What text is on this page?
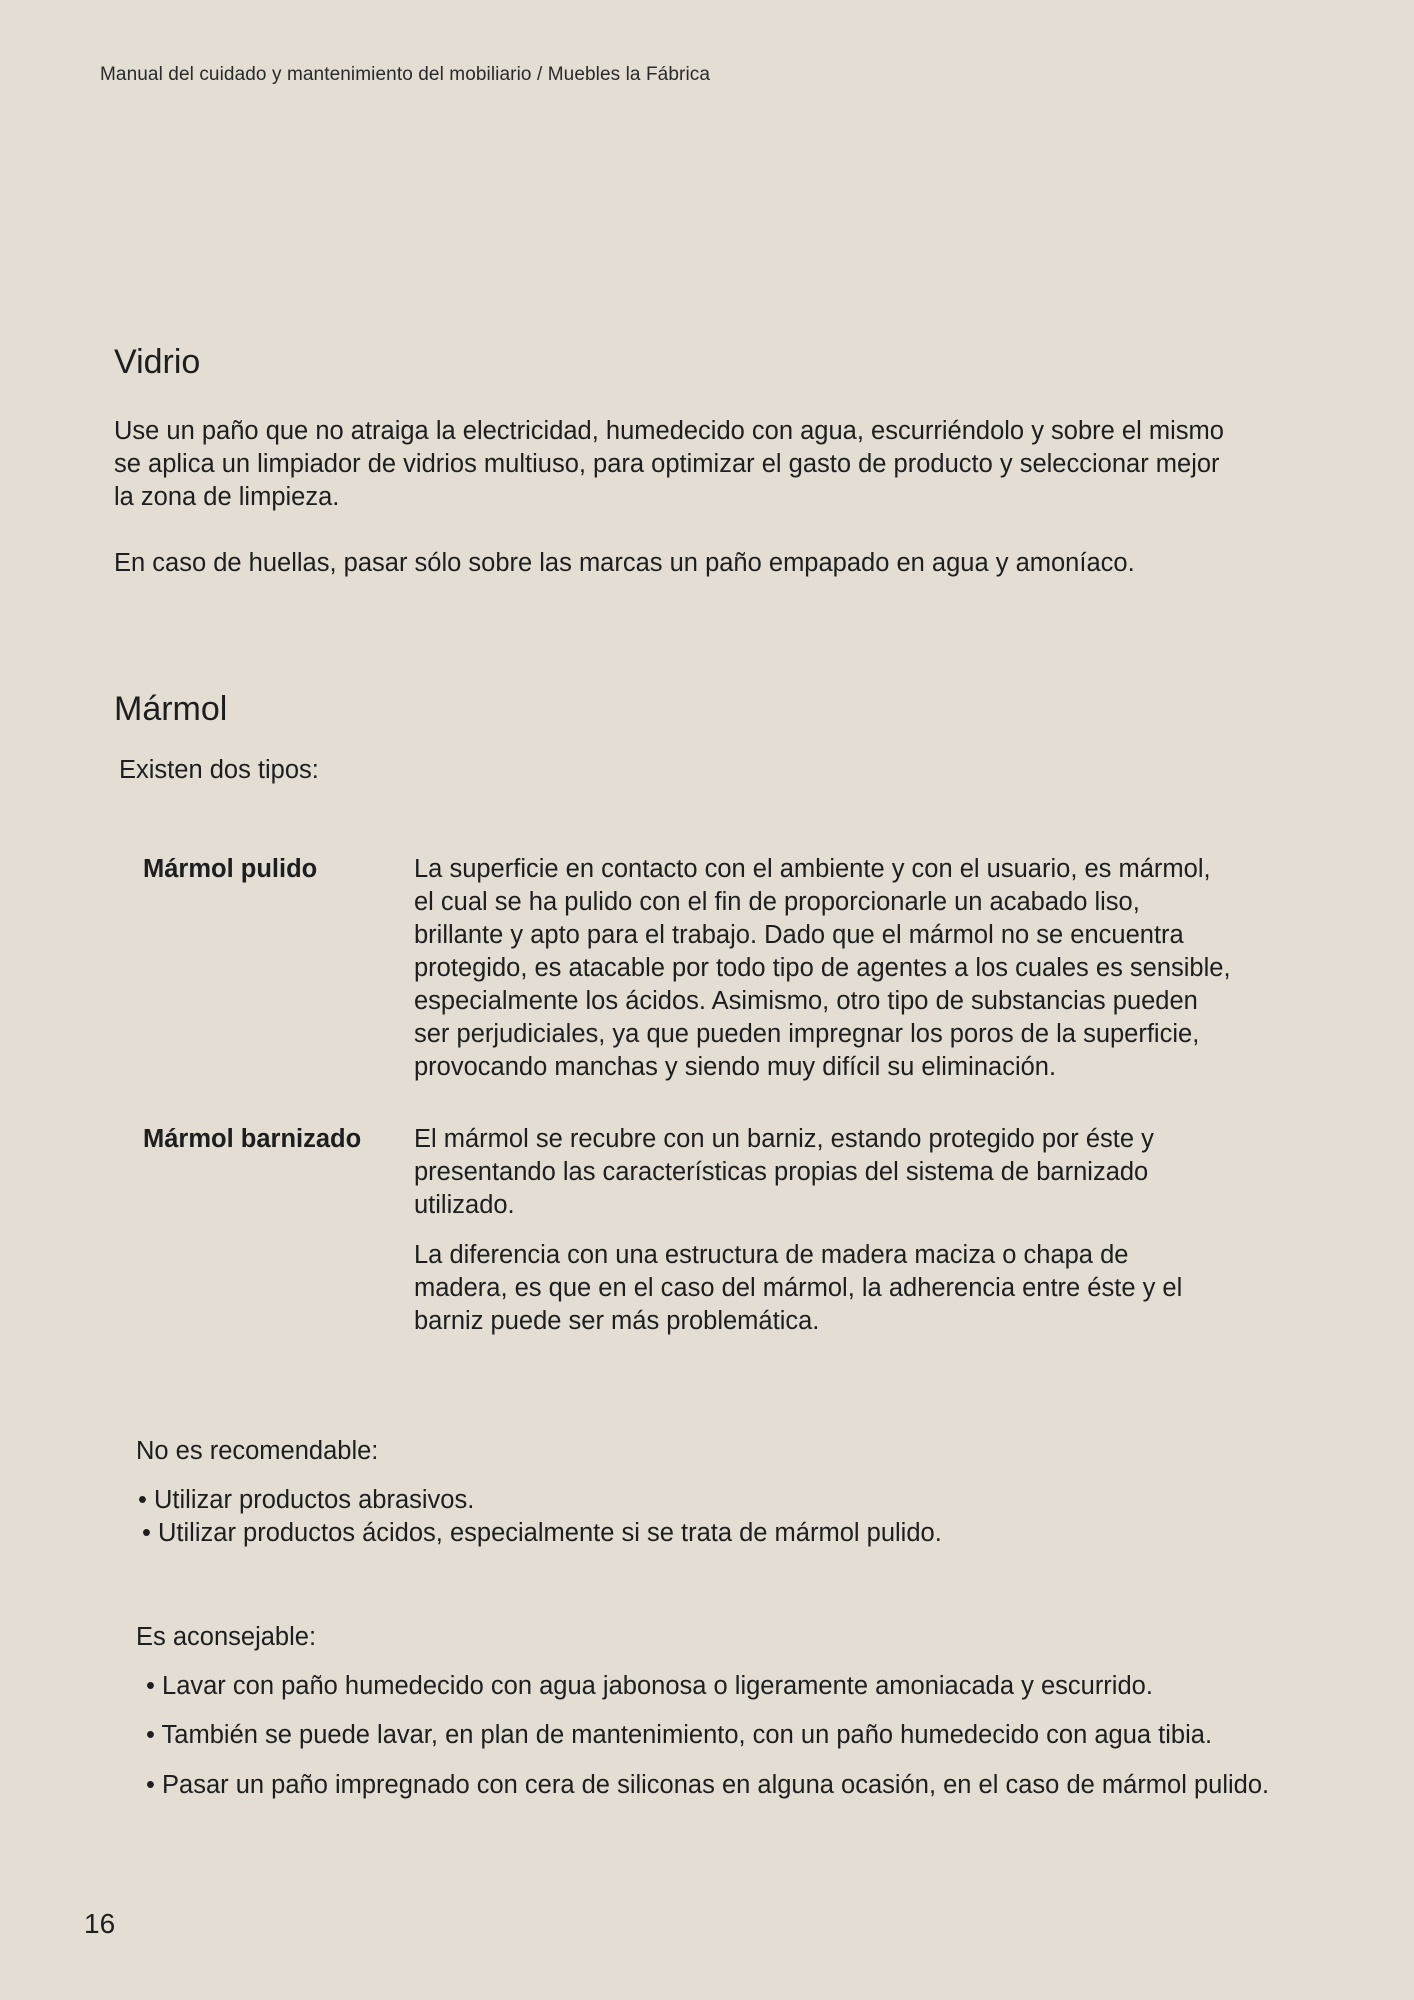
Manual del cuidado y mantenimiento del mobiliario / Muebles la Fábrica
Vidrio

Use un paño que no atraiga la electricidad, humedecido con agua, escurriéndolo y sobre el mismo
se aplica un limpiador de vidrios multiuso, para optimizar el gasto de producto y seleccionar mejor
la zona de limpieza.

En caso de huellas, pasar sólo sobre las marcas un paño empapado en agua y amoníaco.

Mármol

Existen dos tipos:

Mármol pulido	La superficie en contacto con el ambiente y con el usuario, es mármol,
el cual se ha pulido con el fin de proporcionarle un acabado liso,
brillante y apto para el trabajo. Dado que el mármol no se encuentra
protegido, es atacable por todo tipo de agentes a los cuales es sensible,
especialmente los ácidos. Asimismo, otro tipo de substancias pueden
ser perjudiciales, ya que pueden impregnar los poros de la superficie,
provocando manchas y siendo muy difícil su eliminación.
Mármol barnizado El mármol se recubre con un barniz, estando protegido por éste y
presentando las características propias del sistema de barnizado
utilizado.
La diferencia con una estructura de madera maciza o chapa de
madera, es que en el caso del mármol, la adherencia entre éste y el
barniz puede ser más problemática.
No es recomendable:
• Utilizar productos abrasivos.
• Utilizar productos ácidos, especialmente si se trata de mármol pulido.
Es aconsejable:
• Lavar con paño humedecido con agua jabonosa o ligeramente amoniacada y escurrido.
• También se puede lavar, en plan de mantenimiento, con un paño humedecido con agua tibia.
• Pasar un paño impregnado con cera de siliconas en alguna ocasión, en el caso de mármol pulido.
16
